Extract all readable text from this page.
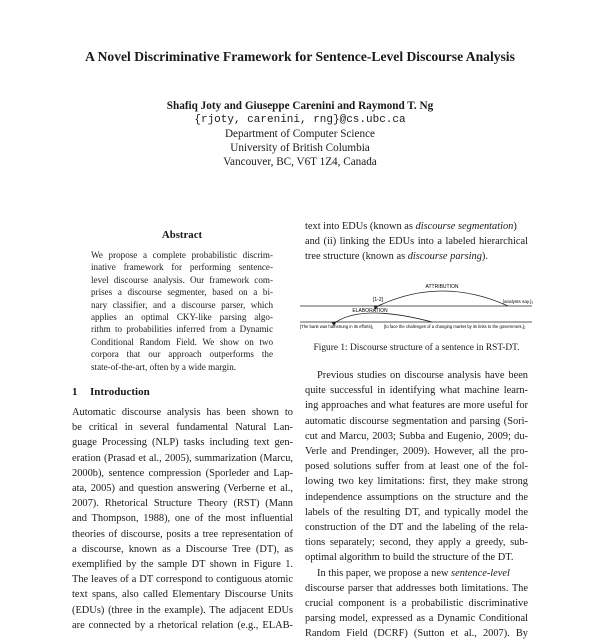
A Novel Discriminative Framework for Sentence-Level Discourse Analysis
Shafiq Joty and Giuseppe Carenini and Raymond T. Ng
{rjoty, carenini, rng}@cs.ubc.ca
Department of Computer Science
University of British Columbia
Vancouver, BC, V6T 1Z4, Canada
Abstract
We propose a complete probabilistic discrim-
inative framework for performing sentence-
level discourse analysis. Our framework com-
prises a discourse segmenter, based on a bi-
nary classifier, and a discourse parser, which
applies an optimal CKY-like parsing algo-
rithm to probabilities inferred from a Dynamic
Conditional Random Field. We show on two
corpora that our approach outperforms the
state-of-the-art, often by a wide margin.
1 Introduction
Automatic discourse analysis has been shown to
be critical in several fundamental Natural Lan-
guage Processing (NLP) tasks including text gen-
eration (Prasad et al., 2005), summarization (Marcu,
2000b), sentence compression (Sporleder and Lap-
ata, 2005) and question answering (Verberne et al.,
2007). Rhetorical Structure Theory (RST) (Mann
and Thompson, 1988), one of the most influential
theories of discourse, posits a tree representation of
a discourse, known as a Discourse Tree (DT), as
exemplified by the sample DT shown in Figure 1.
The leaves of a DT correspond to contiguous atomic
text spans, also called Elementary Discourse Units
(EDUs) (three in the example). The adjacent EDUs
are connected by a rhetorical relation (e.g., ELAB-
text into EDUs (known as discourse segmentation)
and (ii) linking the EDUs into a labeled hierarchical
tree structure (known as discourse parsing).
ATTRIBUTION
[1-2]	[analysts say.]₃
ELABORATION
[The bank was hamstrung in its efforts]₁	[to face the challenges of a changing market by its links to the government,]₂
Figure 1: Discourse structure of a sentence in RST-DT.
Previous studies on discourse analysis have been
quite successful in identifying what machine learn-
ing approaches and what features are more useful for
automatic discourse segmentation and parsing (Sori-
cut and Marcu, 2003; Subba and Eugenio, 2009; du-
Verle and Prendinger, 2009). However, all the pro-
posed solutions suffer from at least one of the fol-
lowing two key limitations: first, they make strong
independence assumptions on the structure and the
labels of the resulting DT, and typically model the
construction of the DT and the labeling of the rela-
tions separately; second, they apply a greedy, sub-
optimal algorithm to build the structure of the DT.
In this paper, we propose a new sentence-level
discourse parser that addresses both limitations. The
crucial component is a probabilistic discriminative
parsing model, expressed as a Dynamic Conditional
Random Field (DCRF) (Sutton et al., 2007). By
